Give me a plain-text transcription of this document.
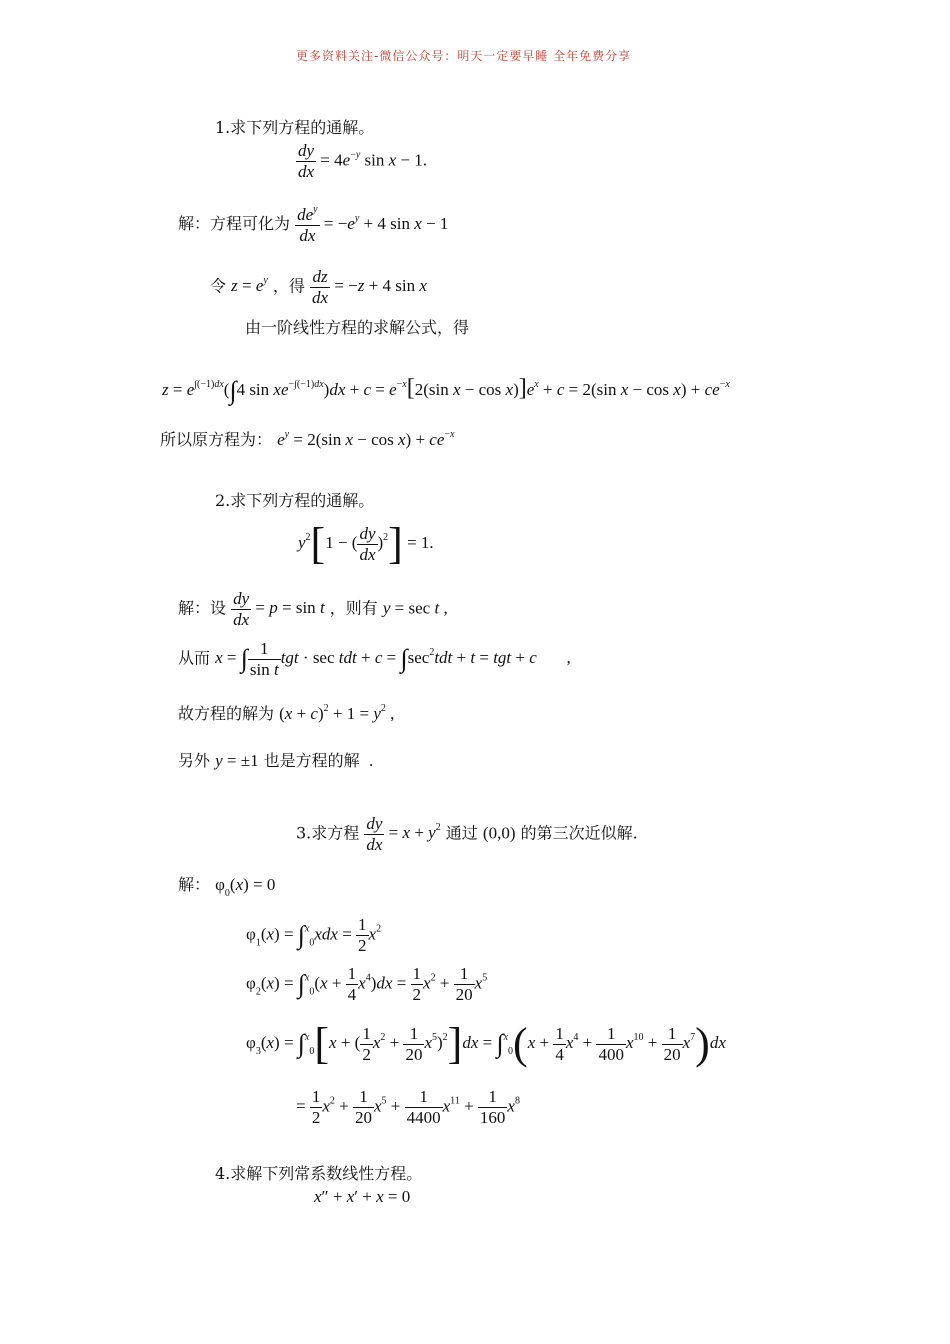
更多资料关注-微信公众号：明天一定要早睡 全年免费分享
1.求下列方程的通解。
$\frac{dy}{dx} = 4e^{-y}$ sin x − 1.
解：方程可化为 $\frac{de^y}{dx} = -e^y + 4$ sin x − 1
令 $z = e^y$ ，得 $\frac{dz}{dx} = -z + 4$ sin x
由一阶线性方程的求解公式，得
$z = e^{\int(-1)dx}(\int 4$ $\sin xe^{-\int(-1)dx})dx + c = e^{-x}[2(\sin$ $x - \cos x)]e^x + c = 2(\sin$ $x - \cos x) + ce^{-x}$
所以原方程为： $e^y = 2(\sin$ $x - \cos x) + ce^{-x}$
2.求下列方程的通解。
$y^2[1$ − ( $\frac{dy}{dx} )^2] = 1$.
解：设 $\frac{dy}{dx} = p = \sin t$ ，则有 y = sec t ,
从而 x = ∫ $\frac{1}{\text{sin t}}$ tgt · sec tdt + $c = \int\sec^2tdt + t$ = tgt + c       ,
故方程的解为 $(x + c)^2 + 1 = y^2$ ,
另外 y = ±1 也是方程的解  .
3.求方程 $\frac{dy}{dx} = x + y^2$ 通过 (0,0) 的第三次近似解.
解： $\varphi_0(x) = 0$
$\varphi_1(x) = \int^x_0xdx = \frac{1}{2} x^2$
$\varphi_2(x) = \int^x_0(x + \frac{1}{4} x^4)dx = \frac{1}{2} x^2 + \frac{1}{20} x^5$
$\varphi_3(x) = \int^x_0[x$ + ( $\frac{1}{2} x^2 + \frac{1}{20} x^5)^2]dx = \int^x_0(x + \frac{1}{4} x^4 + \frac{1}{400} x^{10} + \frac{1}{20} x^7)dx$
= $\frac{1}{2} x^2 + \frac{1}{20} x^5 + \frac{1}{4400} x^{11} + \frac{1}{160} x^8$
4.求解下列常系数线性方程。
x″ + x′ + x = 0
